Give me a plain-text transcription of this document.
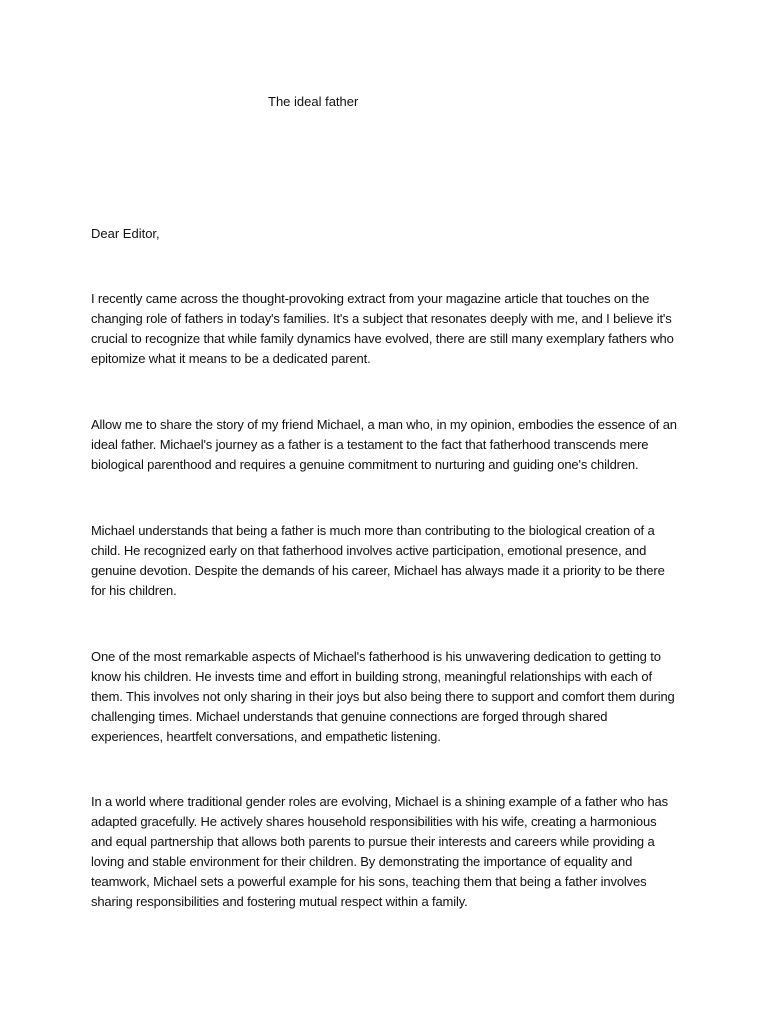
The ideal father
Dear Editor,

I recently came across the thought-provoking extract from your magazine article that touches on the changing role of fathers in today's families. It's a subject that resonates deeply with me, and I believe it's crucial to recognize that while family dynamics have evolved, there are still many exemplary fathers who epitomize what it means to be a dedicated parent.

Allow me to share the story of my friend Michael, a man who, in my opinion, embodies the essence of an ideal father. Michael's journey as a father is a testament to the fact that fatherhood transcends mere biological parenthood and requires a genuine commitment to nurturing and guiding one's children.

Michael understands that being a father is much more than contributing to the biological creation of a child. He recognized early on that fatherhood involves active participation, emotional presence, and genuine devotion. Despite the demands of his career, Michael has always made it a priority to be there for his children.

One of the most remarkable aspects of Michael's fatherhood is his unwavering dedication to getting to know his children. He invests time and effort in building strong, meaningful relationships with each of them. This involves not only sharing in their joys but also being there to support and comfort them during challenging times. Michael understands that genuine connections are forged through shared experiences, heartfelt conversations, and empathetic listening.

In a world where traditional gender roles are evolving, Michael is a shining example of a father who has adapted gracefully. He actively shares household responsibilities with his wife, creating a harmonious and equal partnership that allows both parents to pursue their interests and careers while providing a loving and stable environment for their children. By demonstrating the importance of equality and teamwork, Michael sets a powerful example for his sons, teaching them that being a father involves sharing responsibilities and fostering mutual respect within a family.
